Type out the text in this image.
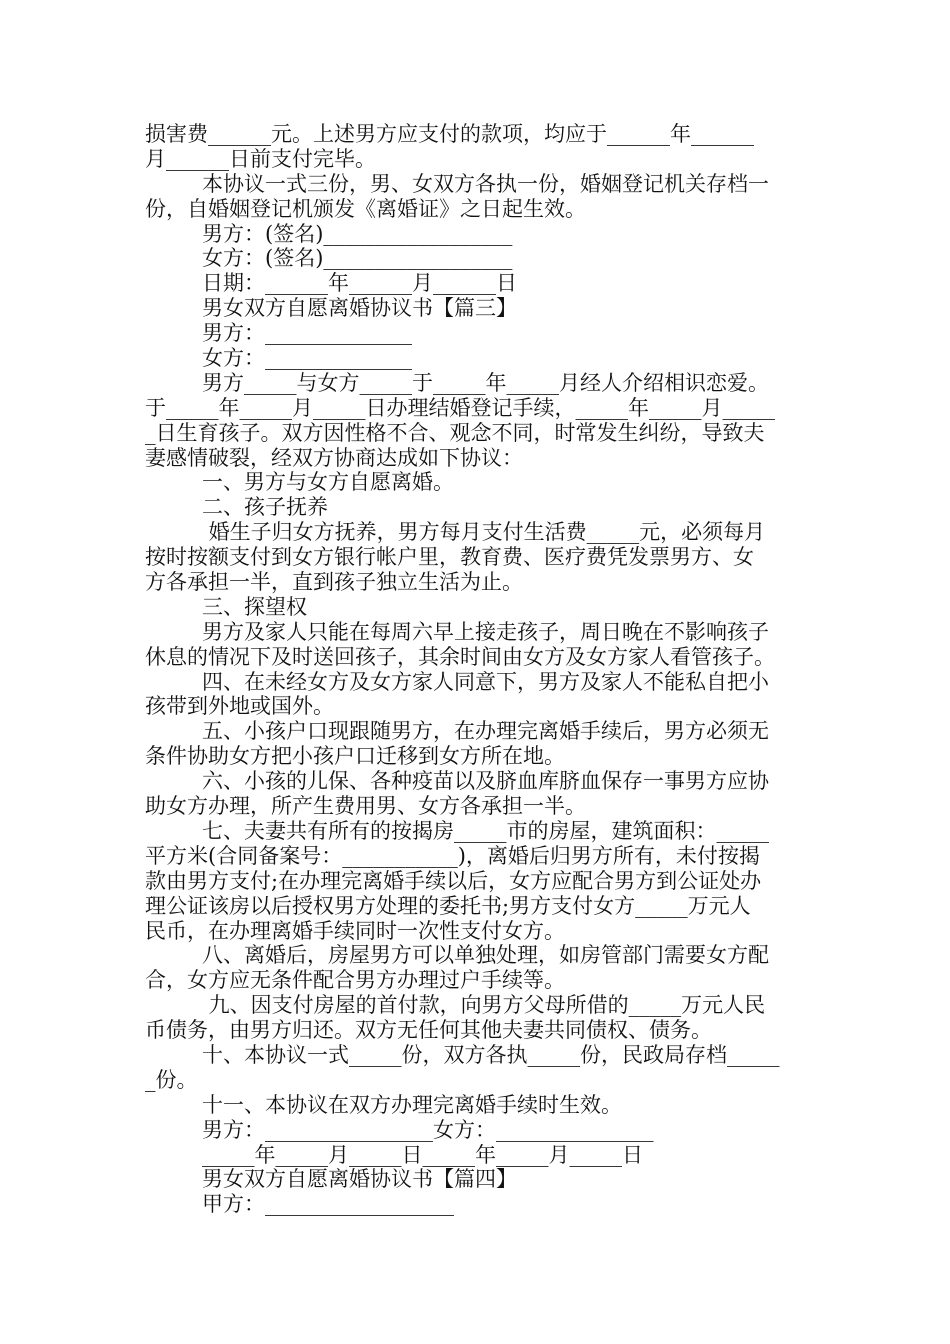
损害费______元。上述男方应支付的款项，均应于______年______
月______日前支付完毕。
本协议一式三份，男、女双方各执一份，婚姻登记机关存档一
份，自婚姻登记机颁发《离婚证》之日起生效。
男方：(签名)__________________
女方：(签名)__________________
日期：______年______月______日
男女双方自愿离婚协议书【篇三】
男方：______________
女方：______________
男方_____与女方_____于_____年_____月经人介绍相识恋爱。
于_____年_____月_____日办理结婚登记手续，_____年_____月_____
_日生育孩子。双方因性格不合、观念不同，时常发生纠纷，导致夫
妻感情破裂，经双方协商达成如下协议：
一、男方与女方自愿离婚。
二、孩子抚养
婚生子归女方抚养，男方每月支付生活费_____元，必须每月
按时按额支付到女方银行帐户里，教育费、医疗费凭发票男方、女
方各承担一半，直到孩子独立生活为止。
三、探望权
男方及家人只能在每周六早上接走孩子，周日晚在不影响孩子
休息的情况下及时送回孩子，其余时间由女方及女方家人看管孩子。
四、在未经女方及女方家人同意下，男方及家人不能私自把小
孩带到外地或国外。
五、小孩户口现跟随男方，在办理完离婚手续后，男方必须无
条件协助女方把小孩户口迁移到女方所在地。
六、小孩的儿保、各种疫苗以及脐血库脐血保存一事男方应协
助女方办理，所产生费用男、女方各承担一半。
七、夫妻共有所有的按揭房_____市的房屋，建筑面积：_____
平方米(合同备案号：___________)，离婚后归男方所有，未付按揭
款由男方支付;在办理完离婚手续以后，女方应配合男方到公证处办
理公证该房以后授权男方处理的委托书;男方支付女方_____万元人
民币，在办理离婚手续同时一次性支付女方。
八、离婚后，房屋男方可以单独处理，如房管部门需要女方配
合，女方应无条件配合男方办理过户手续等。
九、因支付房屋的首付款，向男方父母所借的_____万元人民
币债务，由男方归还。双方无任何其他夫妻共同债权、债务。
十、本协议一式_____份，双方各执_____份，民政局存档_____
_份。
十一、本协议在双方办理完离婚手续时生效。
男方：________________女方：_______________
_____年_____月_____日_____年_____月_____日
男女双方自愿离婚协议书【篇四】
甲方：__________________
